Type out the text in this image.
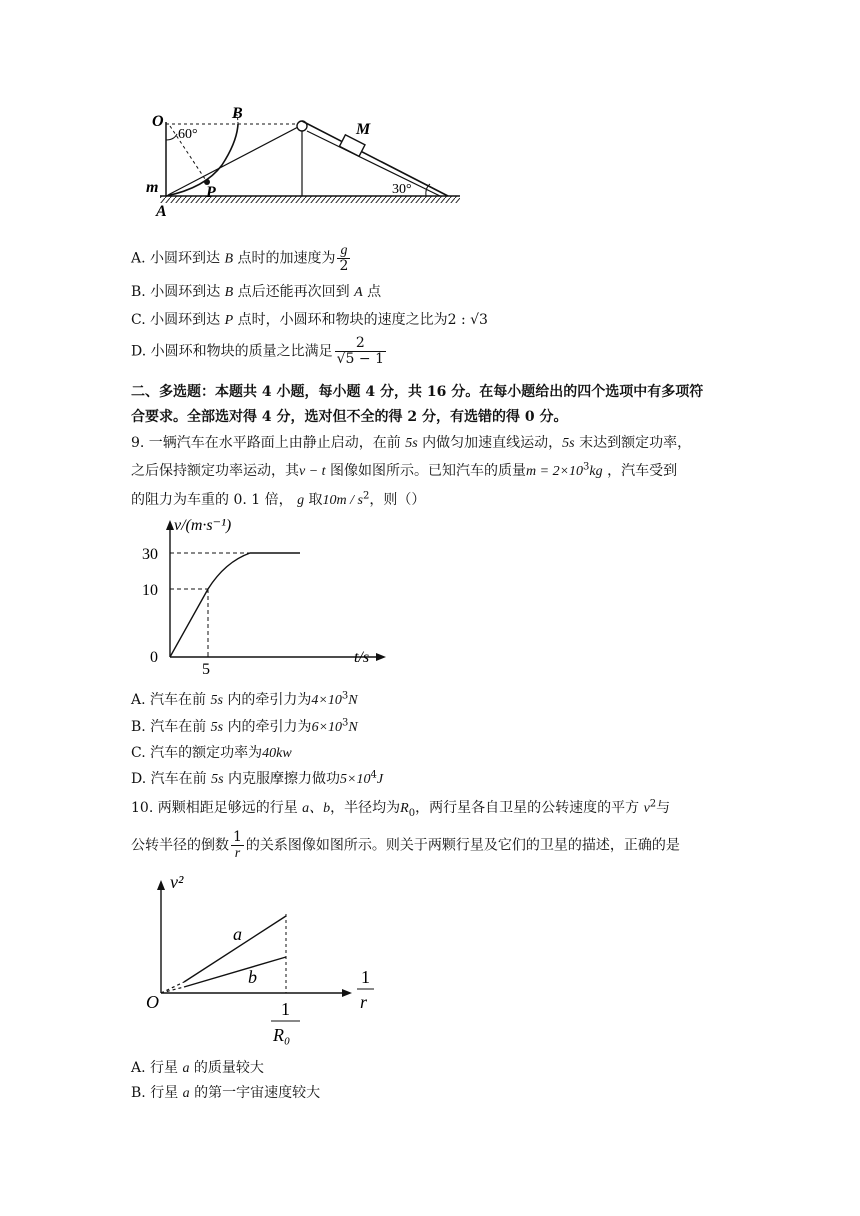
O
60°
B
M
m	P
A
30°
A. 小圆环到达 B 点时的加速度为 $\frac{g}{2}$
B. 小圆环到达 B 点后还能再次回到 A 点
C. 小圆环到达 P 点时，小圆环和物块的速度之比为2 : √3
D. 小圆环和物块的质量之比满足 $\frac{2}{√5 - 1}$
二、多选题：本题共 4 小题，每小题 4 分，共 16 分。在每小题给出的四个选项中有多项符
合要求。全部选对得 4 分，选对但不全的得 2 分，有选错的得 0 分。
9. 一辆汽车在水平路面上由静止启动，在前 5s 内做匀加速直线运动，5s 末达到额定功率，
之后保持额定功率运动，其v − t 图像如图所示。已知汽车的质量$m = 2\times 10^3kg$ ，汽车受到
的阻力为车重的 0. 1 倍， g 取$10m / s^2$，则（）
v/(m·s⁻¹)
30
10
0
5
t/s
A. 汽车在前 5s 内的牵引力为$4\times 10^3N$
B. 汽车在前 5s 内的牵引力为$6\times 10^3N$
C. 汽车的额定功率为40kw
D. 汽车在前 5s 内克服摩擦力做功$5\times 10^4J$
10. 两颗相距足够远的行星 a、b，半径均为$R_0$，两行星各自卫星的公转速度的平方 $v^2$与
公转半径的倒数 $\frac{1}{r}$ 的关系图像如图所示。则关于两颗行星及它们的卫星的描述，正确的是
v²
a
b
O	1
R₀
1
r
A. 行星 a 的质量较大
B. 行星 a 的第一宇宙速度较大
